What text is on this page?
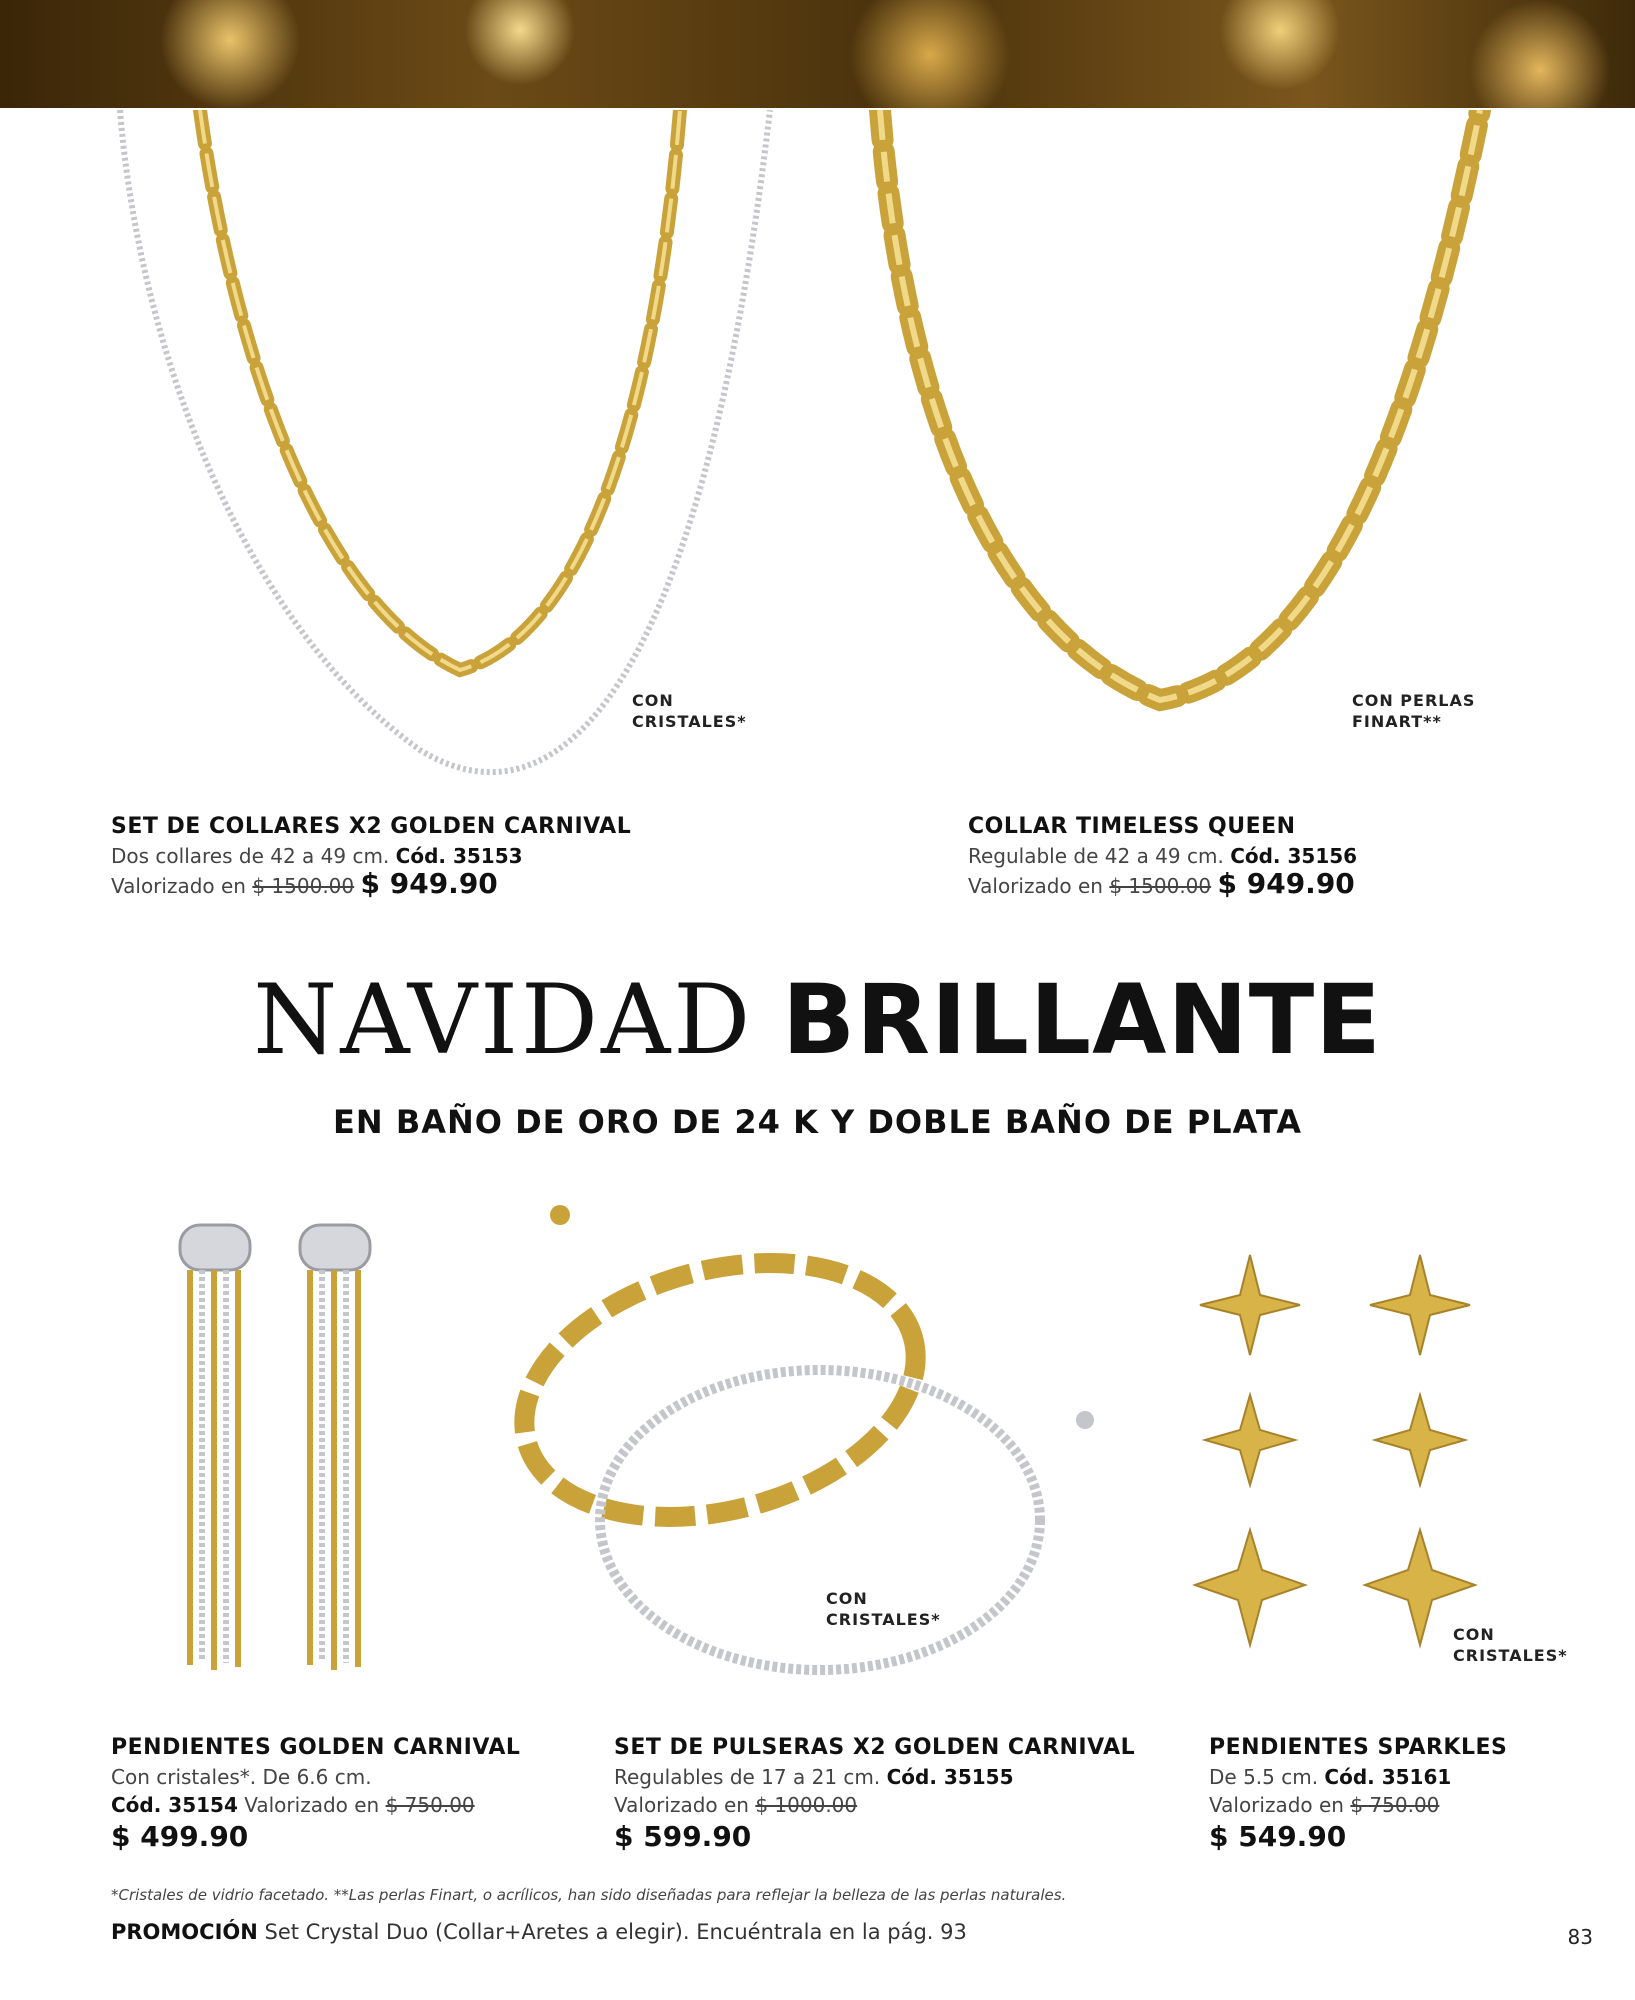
CON
CRISTALES*
CON PERLAS
FINART**
SET DE COLLARES X2 GOLDEN CARNIVAL
Dos collares de 42 a 49 cm. Cód. 35153
Valorizado en $ 1500.00 $ 949.90
COLLAR TIMELESS QUEEN
Regulable de 42 a 49 cm. Cód. 35156
Valorizado en $ 1500.00 $ 949.90
NAVIDAD BRILLANTE
EN BAÑO DE ORO DE 24 K Y DOBLE BAÑO DE PLATA
CON
CRISTALES*
CON
CRISTALES*
PENDIENTES GOLDEN CARNIVAL
Con cristales*. De 6.6 cm.
Cód. 35154 Valorizado en $ 750.00
$ 499.90
SET DE PULSERAS X2 GOLDEN CARNIVAL
Regulables de 17 a 21 cm. Cód. 35155
Valorizado en $ 1000.00
$ 599.90
PENDIENTES SPARKLES
De 5.5 cm. Cód. 35161
Valorizado en $ 750.00
$ 549.90
*Cristales de vidrio facetado. **Las perlas Finart, o acrílicos, han sido diseñadas para reflejar la belleza de las perlas naturales.
PROMOCIÓN Set Crystal Duo (Collar+Aretes a elegir). Encuéntrala en la pág. 93	83
